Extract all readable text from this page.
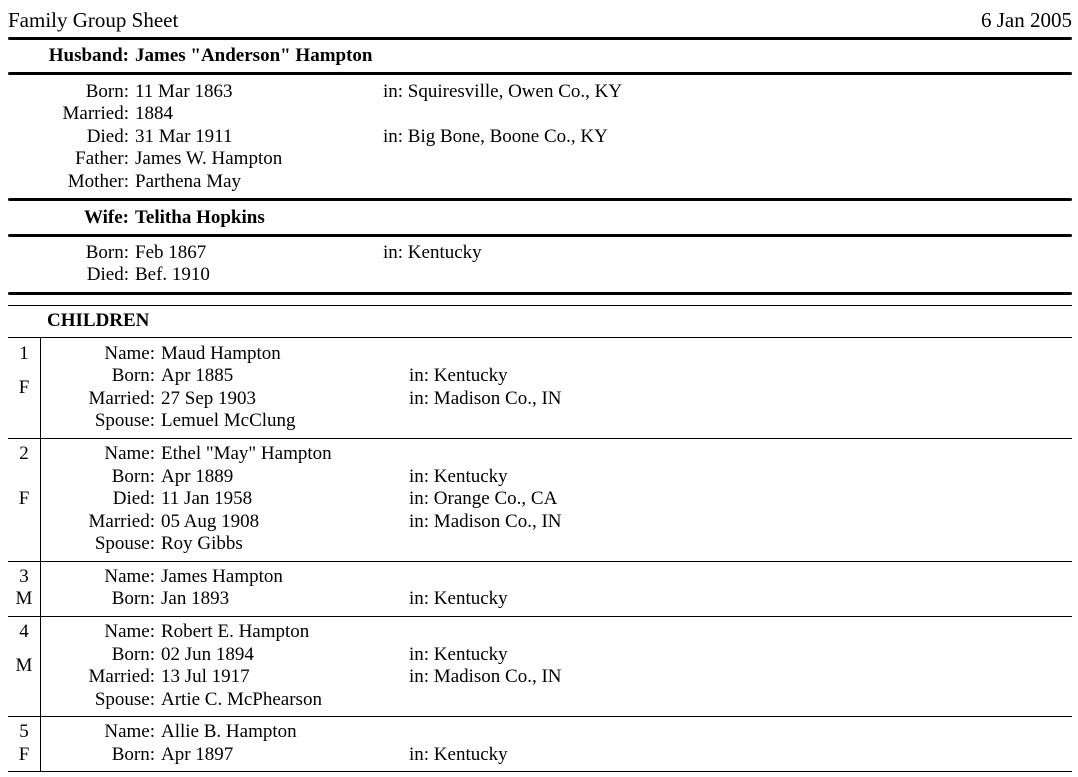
Family Group Sheet	6 Jan 2005
Husband: James "Anderson" Hampton
Born: 11 Mar 1863	in: Squiresville, Owen Co., KY
Married: 1884
Died: 31 Mar 1911	in: Big Bone, Boone Co., KY
Father: James W. Hampton
Mother: Parthena May
Wife: Telitha Hopkins
Born: Feb 1867	in: Kentucky
Died: Bef. 1910
CHILDREN
1
F
Name: Maud Hampton
Born: Apr 1885	in: Kentucky
Married: 27 Sep 1903	in: Madison Co., IN
Spouse: Lemuel McClung
2
F
Name: Ethel "May" Hampton
Born: Apr 1889	in: Kentucky
Died: 11 Jan 1958	in: Orange Co., CA
Married: 05 Aug 1908	in: Madison Co., IN
Spouse: Roy Gibbs
3
M
Name: James Hampton
Born: Jan 1893	in: Kentucky
4
M
Name: Robert E. Hampton
Born: 02 Jun 1894	in: Kentucky
Married: 13 Jul 1917	in: Madison Co., IN
Spouse: Artie C. McPhearson
5
F
Name: Allie B. Hampton
Born: Apr 1897	in: Kentucky
